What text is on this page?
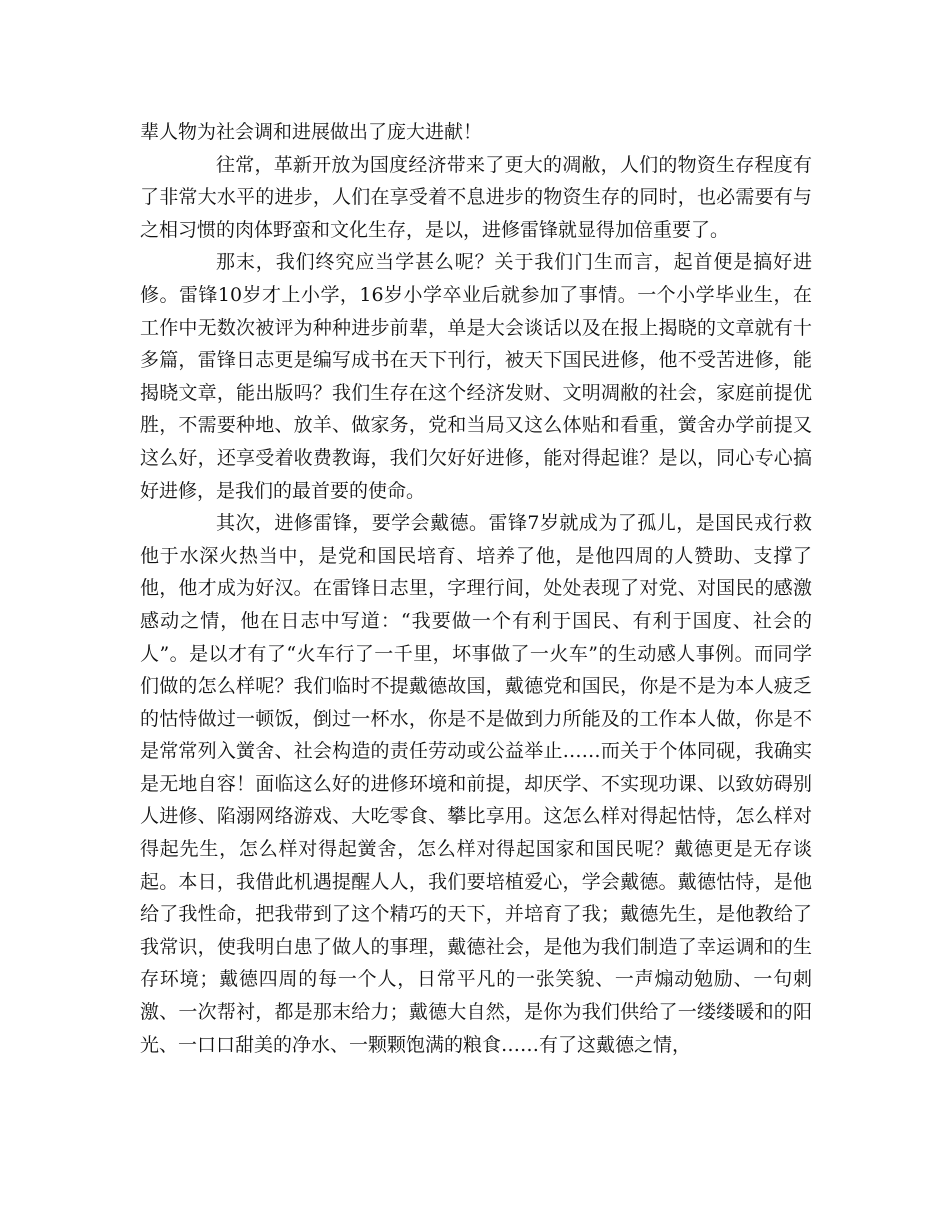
辈人物为社会调和进展做出了庞大进献！

往常，革新开放为国度经济带来了更大的凋敝，人们的物资生存程度有了非常大水平的进步，人们在享受着不息进步的物资生存的同时，也必需要有与之相习惯的肉体野蛮和文化生存，是以，进修雷锋就显得加倍重要了。

那末，我们终究应当学甚么呢？关于我们门生而言，起首便是搞好进修。雷锋10岁才上小学，16岁小学卒业后就参加了事情。一个小学毕业生，在工作中无数次被评为种种进步前辈，单是大会谈话以及在报上揭晓的文章就有十多篇，雷锋日志更是编写成书在天下刊行，被天下国民进修，他不受苦进修，能揭晓文章，能出版吗？我们生存在这个经济发财、文明凋敝的社会，家庭前提优胜，不需要种地、放羊、做家务，党和当局又这么体贴和看重，黉舍办学前提又这么好，还享受着收费教诲，我们欠好好进修，能对得起谁？是以，同心专心搞好进修，是我们的最首要的使命。

其次，进修雷锋，要学会戴德。雷锋7岁就成为了孤儿，是国民戎行救他于水深火热当中，是党和国民培育、培养了他，是他四周的人赞助、支撑了他，他才成为好汉。在雷锋日志里，字理行间，处处表现了对党、对国民的感激感动之情，他在日志中写道：“我要做一个有利于国民、有利于国度、社会的人”。是以才有了“火车行了一千里，坏事做了一火车”的生动感人事例。而同学们做的怎么样呢？我们临时不提戴德故国，戴德党和国民，你是不是为本人疲乏的怙恃做过一顿饭，倒过一杯水，你是不是做到力所能及的工作本人做，你是不是常常列入黉舍、社会构造的责任劳动或公益举止……而关于个体同砚，我确实是无地自容！面临这么好的进修环境和前提，却厌学、不实现功课、以致妨碍别人进修、陷溺网络游戏、大吃零食、攀比享用。这怎么样对得起怙恃，怎么样对得起先生，怎么样对得起黉舍，怎么样对得起国家和国民呢？戴德更是无存谈起。本日，我借此机遇提醒人人，我们要培植爱心，学会戴德。戴德怙恃，是他给了我性命，把我带到了这个精巧的天下，并培育了我；戴德先生，是他教给了我常识，使我明白患了做人的事理，戴德社会，是他为我们制造了幸运调和的生存环境；戴德四周的每一个人，日常平凡的一张笑貌、一声煽动勉励、一句刺激、一次帮衬，都是那末给力；戴德大自然，是你为我们供给了一缕缕暖和的阳光、一口口甜美的净水、一颗颗饱满的粮食……有了这戴德之情，
